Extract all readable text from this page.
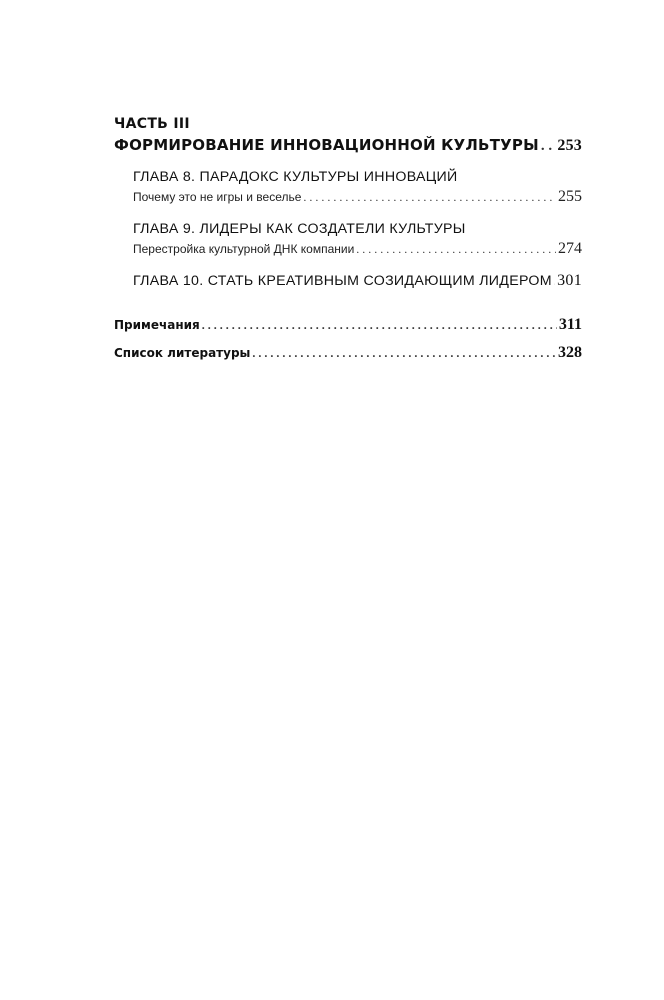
ЧАСТЬ III
ФОРМИРОВАНИЕ ИННОВАЦИОННОЙ КУЛЬТУРЫ . . . 253
ГЛАВА 8. ПАРАДОКС КУЛЬТУРЫ ИННОВАЦИЙ
Почему это не игры и веселье . . .	255
ГЛАВА 9. ЛИДЕРЫ КАК СОЗДАТЕЛИ КУЛЬТУРЫ
Перестройка культурной ДНК компании . . .	274
ГЛАВА 10. СТАТЬ КРЕАТИВНЫМ СОЗИДАЮЩИМ ЛИДЕРОМ . . . 301
Примечания . . .	311
Список литературы . . .	328
